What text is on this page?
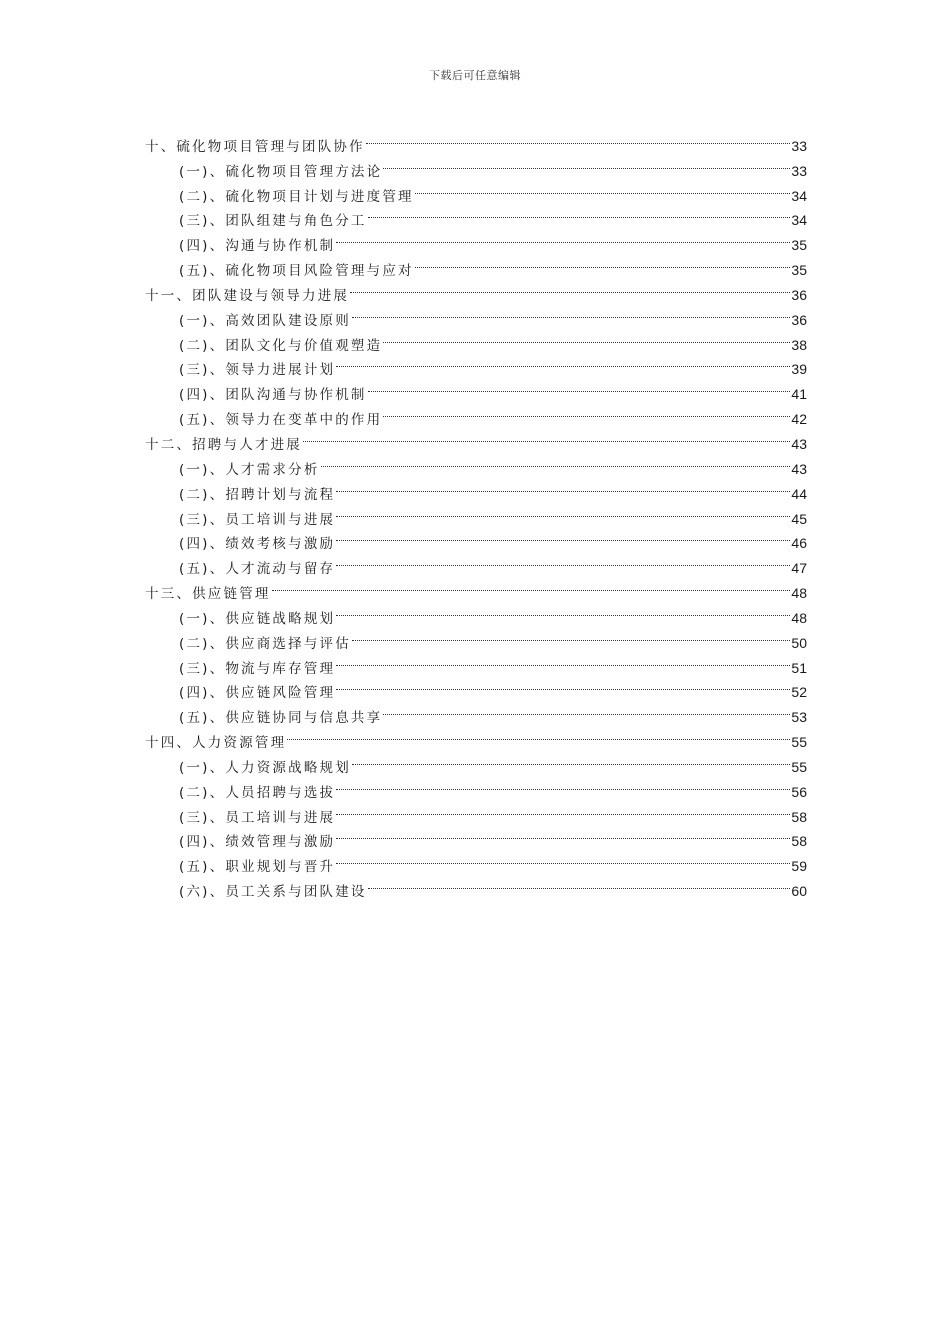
下载后可任意编辑
十、硫化物项目管理与团队协作	33
(一)、硫化物项目管理方法论	33
(二)、硫化物项目计划与进度管理	34
(三)、团队组建与角色分工	34
(四)、沟通与协作机制	35
(五)、硫化物项目风险管理与应对	35
十一、团队建设与领导力进展	36
(一)、高效团队建设原则	36
(二)、团队文化与价值观塑造	38
(三)、领导力进展计划	39
(四)、团队沟通与协作机制	41
(五)、领导力在变革中的作用	42
十二、招聘与人才进展	43
(一)、人才需求分析	43
(二)、招聘计划与流程	44
(三)、员工培训与进展	45
(四)、绩效考核与激励	46
(五)、人才流动与留存	47
十三、供应链管理	48
(一)、供应链战略规划	48
(二)、供应商选择与评估	50
(三)、物流与库存管理	51
(四)、供应链风险管理	52
(五)、供应链协同与信息共享	53
十四、人力资源管理	55
(一)、人力资源战略规划	55
(二)、人员招聘与选拔	56
(三)、员工培训与进展	58
(四)、绩效管理与激励	58
(五)、职业规划与晋升	59
(六)、员工关系与团队建设	60
